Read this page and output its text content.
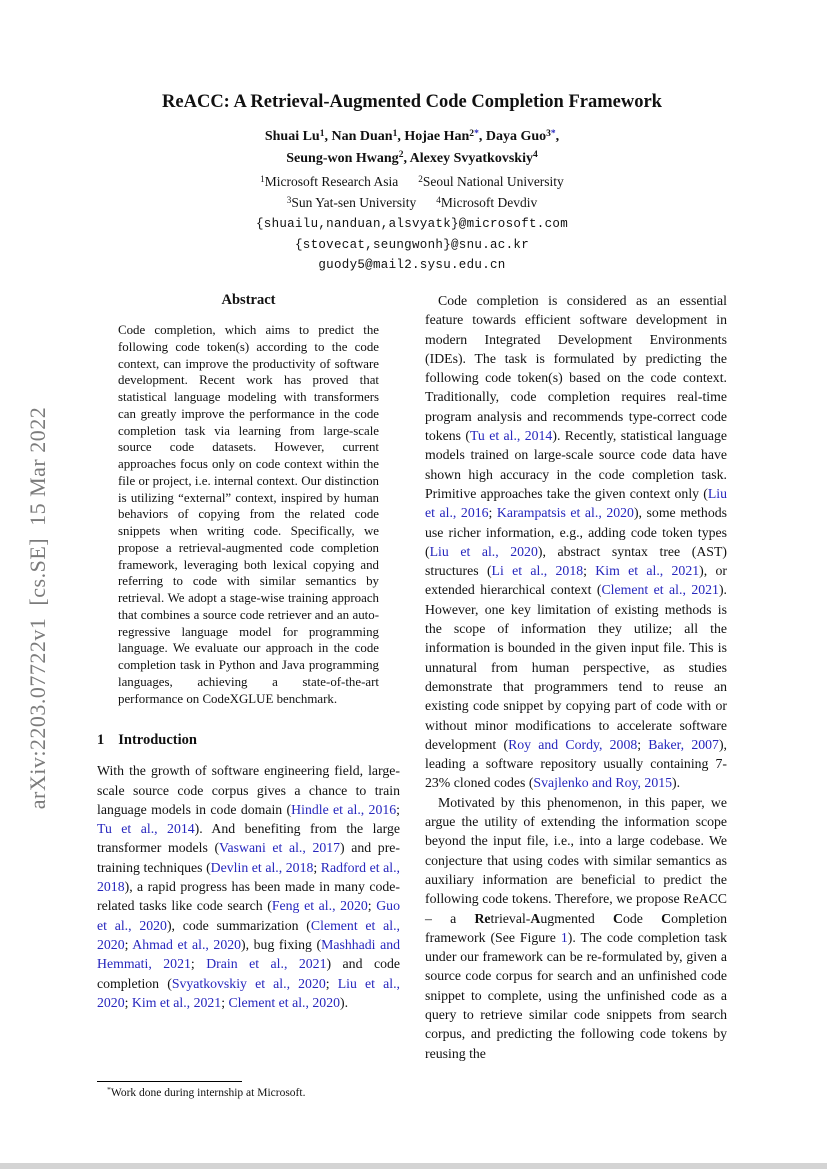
arXiv:2203.07722v1  [cs.SE]  15 Mar 2022
ReACC: A Retrieval-Augmented Code Completion Framework
Shuai Lu$^1$, Nan Duan$^1$, Hojae Han$^{2*}$, Daya Guo$^{3*}$,
Seung-won Hwang$^2$, Alexey Svyatkovskiy$^4$
$^1$Microsoft Research Asia $^2$Seoul National University
$^3$Sun Yat-sen University $^4$Microsoft Devdiv
{shuailu,nanduan,alsvyatk}@microsoft.com
{stovecat,seungwonh}@snu.ac.kr
guody5@mail2.sysu.edu.cn
Abstract

Code completion, which aims to predict the following code token(s) according to the code context, can improve the productivity of software development. Recent work has proved that statistical language modeling with transformers can greatly improve the performance in the code completion task via learning from large-scale source code datasets. However, current approaches focus only on code context within the file or project, i.e. internal context. Our distinction is utilizing “external” context, inspired by human behaviors of copying from the related code snippets when writing code. Specifically, we propose a retrieval-augmented code completion framework, leveraging both lexical copying and referring to code with similar semantics by retrieval. We adopt a stage-wise training approach that combines a source code retriever and an auto-regressive language model for programming language. We evaluate our approach in the code completion task in Python and Java programming languages, achieving a state-of-the-art performance on CodeXGLUE benchmark.

1 Introduction

With the growth of software engineering field, large-scale source code corpus gives a chance to train language models in code domain (Hindle et al., 2016; Tu et al., 2014). And benefiting from the large transformer models (Vaswani et al., 2017) and pre-training techniques (Devlin et al., 2018; Radford et al., 2018), a rapid progress has been made in many code-related tasks like code search (Feng et al., 2020; Guo et al., 2020), code summarization (Clement et al., 2020; Ahmad et al., 2020), bug fixing (Mashhadi and Hemmati, 2021; Drain et al., 2021) and code completion (Svyatkovskiy et al., 2020; Liu et al., 2020; Kim et al., 2021; Clement et al., 2020).

Code completion is considered as an essential feature towards efficient software development in modern Integrated Development Environments (IDEs). The task is formulated by predicting the following code token(s) based on the code context. Traditionally, code completion requires real-time program analysis and recommends type-correct code tokens (Tu et al., 2014). Recently, statistical language models trained on large-scale source code data have shown high accuracy in the code completion task. Primitive approaches take the given context only (Liu et al., 2016; Karampatsis et al., 2020), some methods use richer information, e.g., adding code token types (Liu et al., 2020), abstract syntax tree (AST) structures (Li et al., 2018; Kim et al., 2021), or extended hierarchical context (Clement et al., 2021). However, one key limitation of existing methods is the scope of information they utilize; all the information is bounded in the given input file. This is unnatural from human perspective, as studies demonstrate that programmers tend to reuse an existing code snippet by copying part of code with or without minor modifications to accelerate software development (Roy and Cordy, 2008; Baker, 2007), leading a software repository usually containing 7-23% cloned codes (Svajlenko and Roy, 2015).

Motivated by this phenomenon, in this paper, we argue the utility of extending the information scope beyond the input file, i.e., into a large codebase. We conjecture that using codes with similar semantics as auxiliary information are beneficial to predict the following code tokens. Therefore, we propose ReACC – a Retrieval-Augmented Code Completion framework (See Figure 1). The code completion task under our framework can be re-formulated by, given a source code corpus for search and an unfinished code snippet to complete, using the unfinished code as a query to retrieve similar code snippets from search corpus, and predicting the following code tokens by reusing the

*Work done during internship at Microsoft.
